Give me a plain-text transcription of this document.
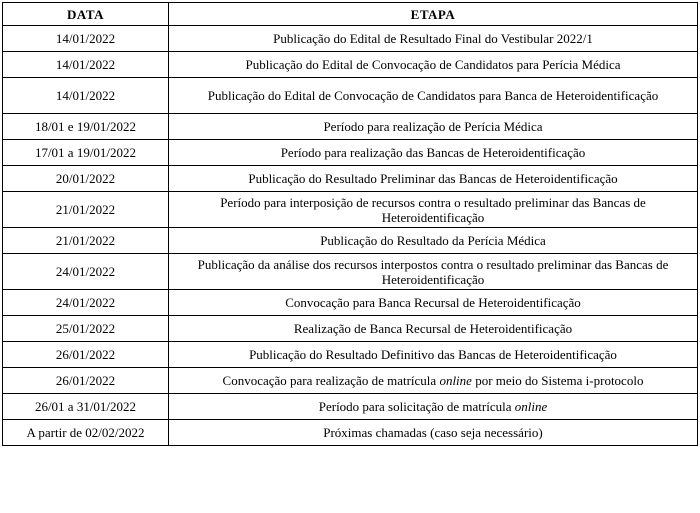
DATA	ETAPA
14/01/2022	Publicação do Edital de Resultado Final do Vestibular 2022/1
14/01/2022	Publicação do Edital de Convocação de Candidatos para Perícia Médica
14/01/2022	Publicação do Edital de Convocação de Candidatos para Banca de Heteroidentificação
18/01 e 19/01/2022	Período para realização de Perícia Médica
17/01 a 19/01/2022	Período para realização das Bancas de Heteroidentificação
20/01/2022	Publicação do Resultado Preliminar das Bancas de Heteroidentificação
21/01/2022	Período para interposição de recursos contra o resultado preliminar das Bancas de Heteroidentificação
21/01/2022	Publicação do Resultado da Perícia Médica
24/01/2022	Publicação da análise dos recursos interpostos contra o resultado preliminar das Bancas de Heteroidentificação
24/01/2022	Convocação para Banca Recursal de Heteroidentificação
25/01/2022	Realização de Banca Recursal de Heteroidentificação
26/01/2022	Publicação do Resultado Definitivo das Bancas de Heteroidentificação
26/01/2022	Convocação para realização de matrícula online por meio do Sistema i-protocolo
26/01 a 31/01/2022	Período para solicitação de matrícula online
A partir de 02/02/2022	Próximas chamadas (caso seja necessário)
